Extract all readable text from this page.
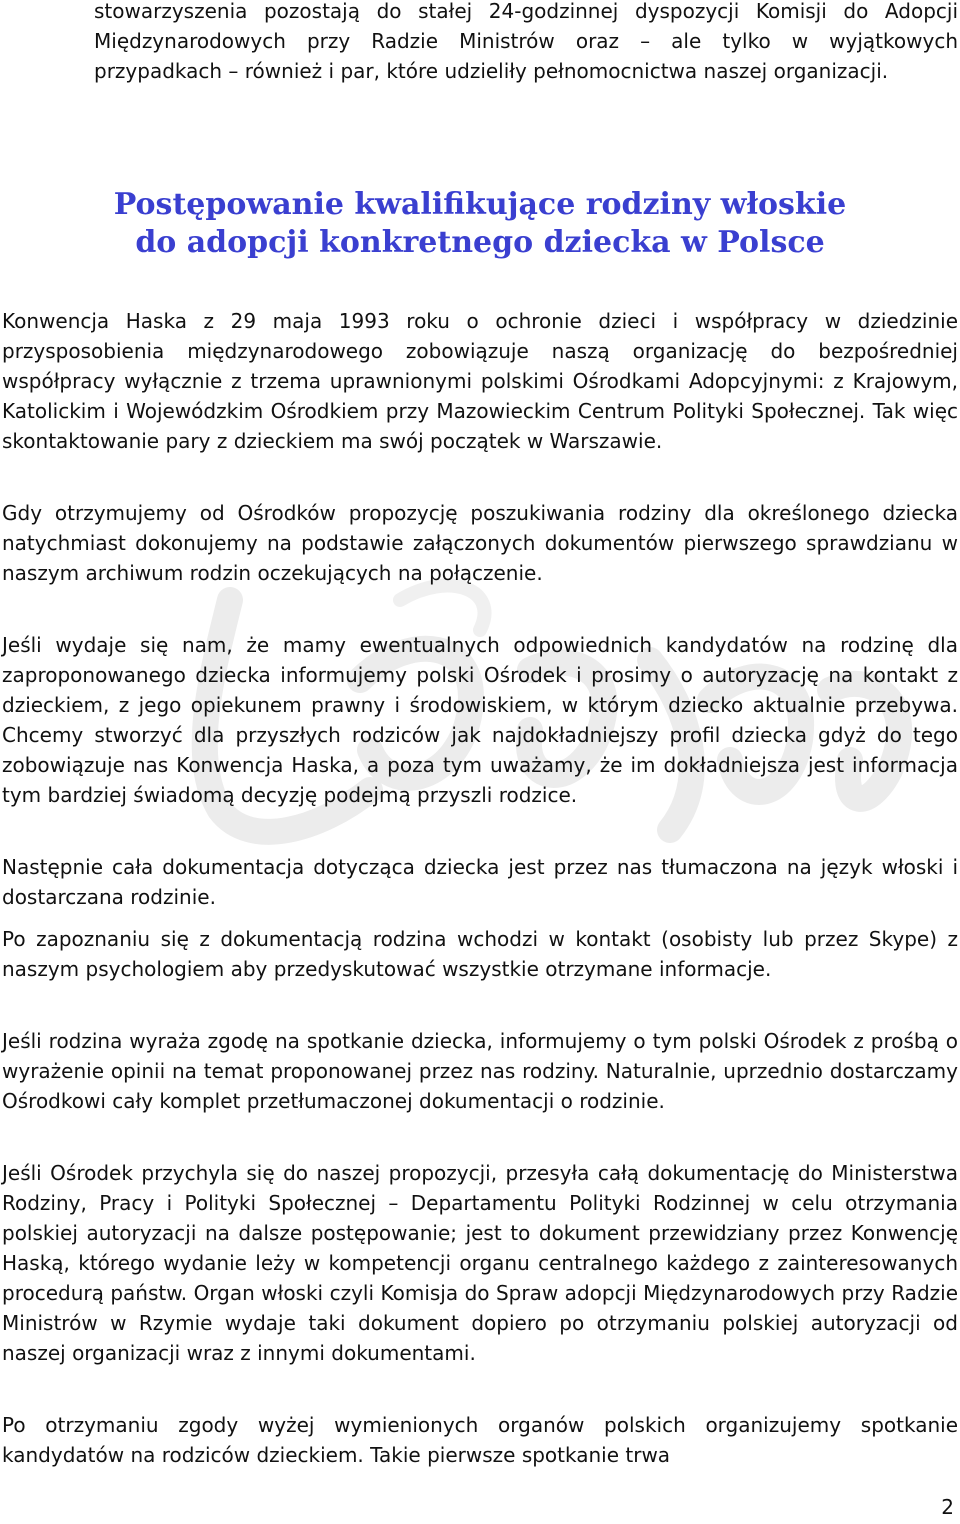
stowarzyszenia pozostają do stałej 24-godzinnej dyspozycji Komisji do Adopcji Międzynarodowych przy Radzie Ministrów oraz – ale tylko w wyjątkowych przypadkach – również i par, które udzieliły pełnomocnictwa naszej organizacji.

Postępowanie kwalifikujące rodziny włoskie
do adopcji konkretnego dziecka w Polsce

Konwencja Haska z 29 maja 1993 roku o ochronie dzieci i współpracy w dziedzinie przysposobienia międzynarodowego zobowiązuje naszą organizację do bezpośredniej współpracy wyłącznie z trzema uprawnionymi polskimi Ośrodkami Adopcyjnymi: z Krajowym, Katolickim i Wojewódzkim Ośrodkiem przy Mazowieckim Centrum Polityki Społecznej. Tak więc skontaktowanie pary z dzieckiem ma swój początek w Warszawie.

Gdy otrzymujemy od Ośrodków propozycję poszukiwania rodziny dla określonego dziecka natychmiast dokonujemy na podstawie załączonych dokumentów pierwszego sprawdzianu w naszym archiwum rodzin oczekujących na połączenie.

Jeśli wydaje się nam, że mamy ewentualnych odpowiednich kandydatów na rodzinę dla zaproponowanego dziecka informujemy polski Ośrodek i prosimy o autoryzację na kontakt z dzieckiem, z jego opiekunem prawny i środowiskiem, w którym dziecko aktualnie przebywa. Chcemy stworzyć dla przyszłych rodziców jak najdokładniejszy profil dziecka gdyż do tego zobowiązuje nas Konwencja Haska, a poza tym uważamy, że im dokładniejsza jest informacja tym bardziej świadomą decyzję podejmą przyszli rodzice.

Następnie cała dokumentacja dotycząca dziecka jest przez nas tłumaczona na język włoski i dostarczana rodzinie.

Po zapoznaniu się z dokumentacją rodzina wchodzi w kontakt (osobisty lub przez Skype) z naszym psychologiem aby przedyskutować wszystkie otrzymane informacje.

Jeśli rodzina wyraża zgodę na spotkanie dziecka, informujemy o tym polski Ośrodek z prośbą o wyrażenie opinii na temat proponowanej przez nas rodziny. Naturalnie, uprzednio dostarczamy Ośrodkowi cały komplet przetłumaczonej dokumentacji o rodzinie.

Jeśli Ośrodek przychyla się do naszej propozycji, przesyła całą dokumentację do Ministerstwa Rodziny, Pracy i Polityki Społecznej – Departamentu Polityki Rodzinnej w celu otrzymania polskiej autoryzacji na dalsze postępowanie; jest to dokument przewidziany przez Konwencję Haską, którego wydanie leży w kompetencji organu centralnego każdego z zainteresowanych procedurą państw. Organ włoski czyli Komisja do Spraw adopcji Międzynarodowych przy Radzie Ministrów w Rzymie wydaje taki dokument dopiero po otrzymaniu polskiej autoryzacji od naszej organizacji wraz z innymi dokumentami.

Po otrzymaniu zgody wyżej wymienionych organów polskich organizujemy spotkanie kandydatów na rodziców dzieckiem. Takie pierwsze spotkanie trwa

2
